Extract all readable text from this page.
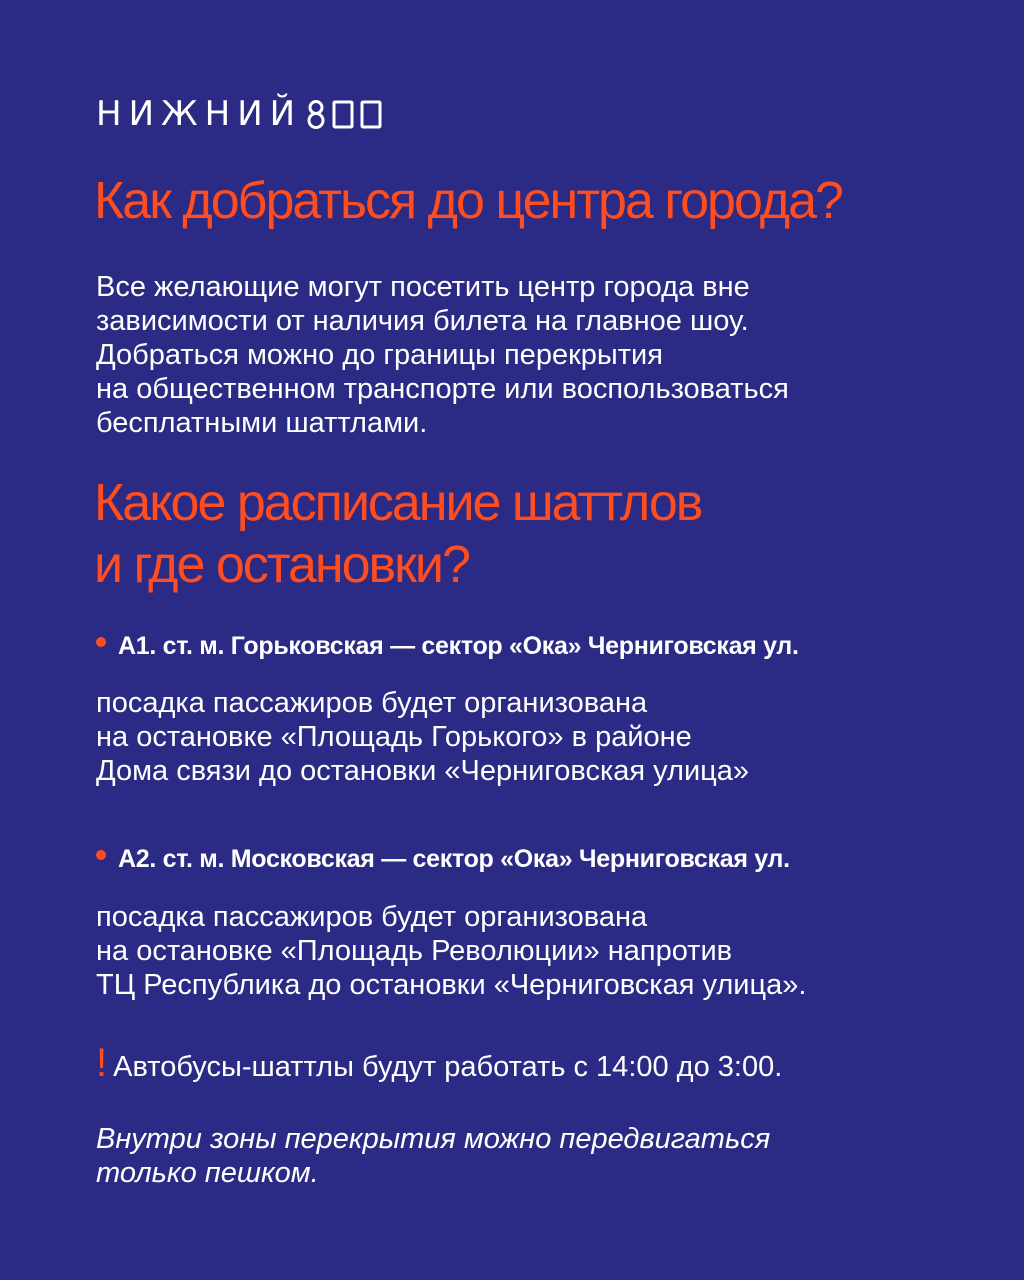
НИЖНИЙ
Как добраться до центра города?

Все желающие могут посетить центр города вне
зависимости от наличия билета на главное шоу.
Добраться можно до границы перекрытия
на общественном транспорте или воспользоваться
бесплатными шаттлами.

Какое расписание шаттлов
и где остановки?
А1. ст. м. Горьковская — сектор «Ока» Черниговская ул.

посадка пассажиров будет организована
на остановке «Площадь Горького» в районе
Дома связи до остановки «Черниговская улица»

А2. ст. м. Московская — сектор «Ока» Черниговская ул.

посадка пассажиров будет организована
на остановке «Площадь Революции» напротив
ТЦ Республика до остановки «Черниговская улица».

! Автобусы-шаттлы будут работать с 14:00 до 3:00.

Внутри зоны перекрытия можно передвигаться
только пешком.
